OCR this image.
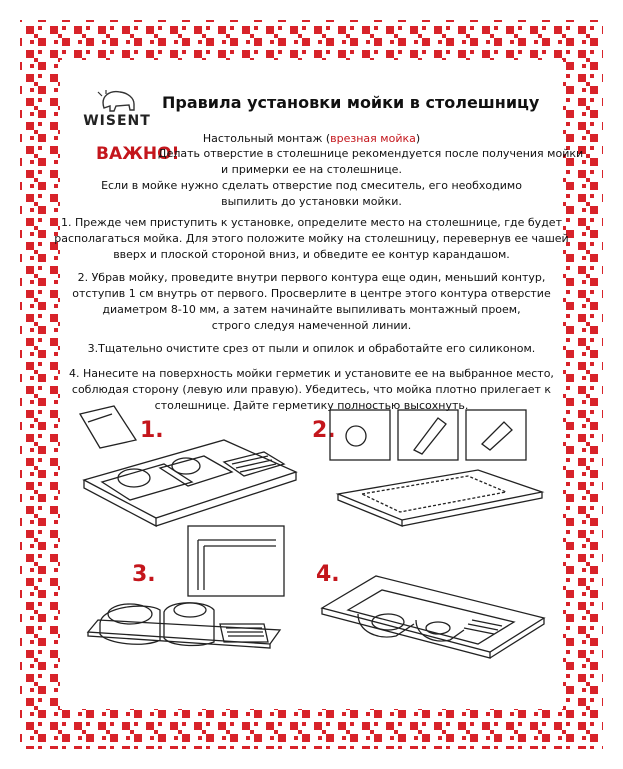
WISENT
Правила установки мойки в столешницу
Настольный монтаж (врезная мойка)
ВАЖНО!
Делать отверстие в столешнице рекомендуется после получения мойки
и примерки ее на столешнице.
Если в мойке нужно сделать отверстие под смеситель, его необходимо
выпилить до установки мойки.
1. Прежде чем приступить к установке, определите место на столешнице, где будет
располагаться мойка. Для этого положите мойку на столешницу, перевернув ее чашей
вверх и плоской стороной вниз, и обведите ее контур карандашом.
2. Убрав мойку, проведите внутри первого контура еще один, меньший контур,
отступив 1 см внутрь от первого. Просверлите в центре этого контура отверстие
диаметром 8-10 мм, а затем начинайте выпиливать монтажный проем,
строго следуя намеченной линии.
3.Тщательно очистите срез от пыли и опилок и обработайте его силиконом.
4. Нанесите на поверхность мойки герметик и установите ее на выбранное место,
соблюдая сторону (левую или правую). Убедитесь, что мойка плотно прилегает к
столешнице. Дайте герметику полностью высохнуть.
1.	2.
3.	4.
